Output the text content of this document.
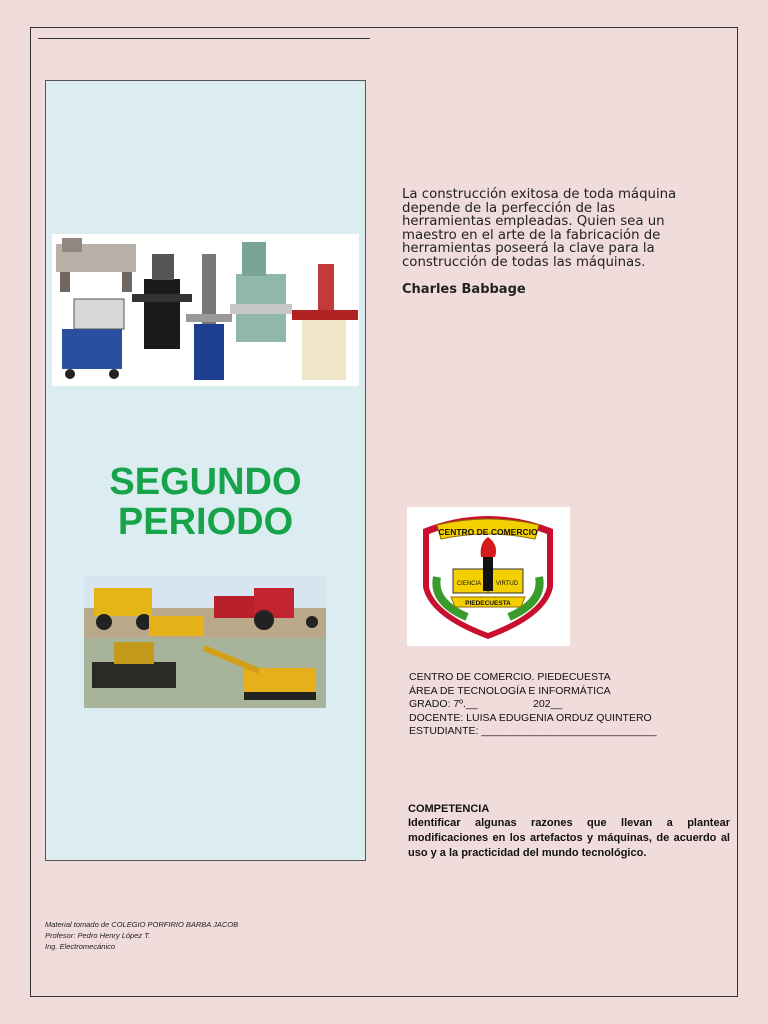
SEGUNDO
PERIODO
La construcción exitosa de toda máquina
depende de la perfección de las
herramientas empleadas. Quien sea un
maestro en el arte de la fabricación de
herramientas poseerá la clave para la
construcción de todas las máquinas.
Charles Babbage
CENTRO DE COMERCIO
CIENCIA VIRTUD
PIEDECUESTA
CENTRO DE COMERCIO. PIEDECUESTA
ÁREA DE TECNOLOGÍA E INFORMÁTICA
GRADO: 7º.__                   202__
DOCENTE: LUISA EDUGENIA ORDUZ QUINTERO
ESTUDIANTE: ______________________________
COMPETENCIA
Identificar algunas razones que llevan a plantear modificaciones en los artefactos y máquinas, de acuerdo al uso y a la practicidad del mundo tecnológico.
Material tomado de COLEGIO PORFIRIO BARBA JACOB
Profesor: Pedro Henry López T.
Ing. Electromecánico
